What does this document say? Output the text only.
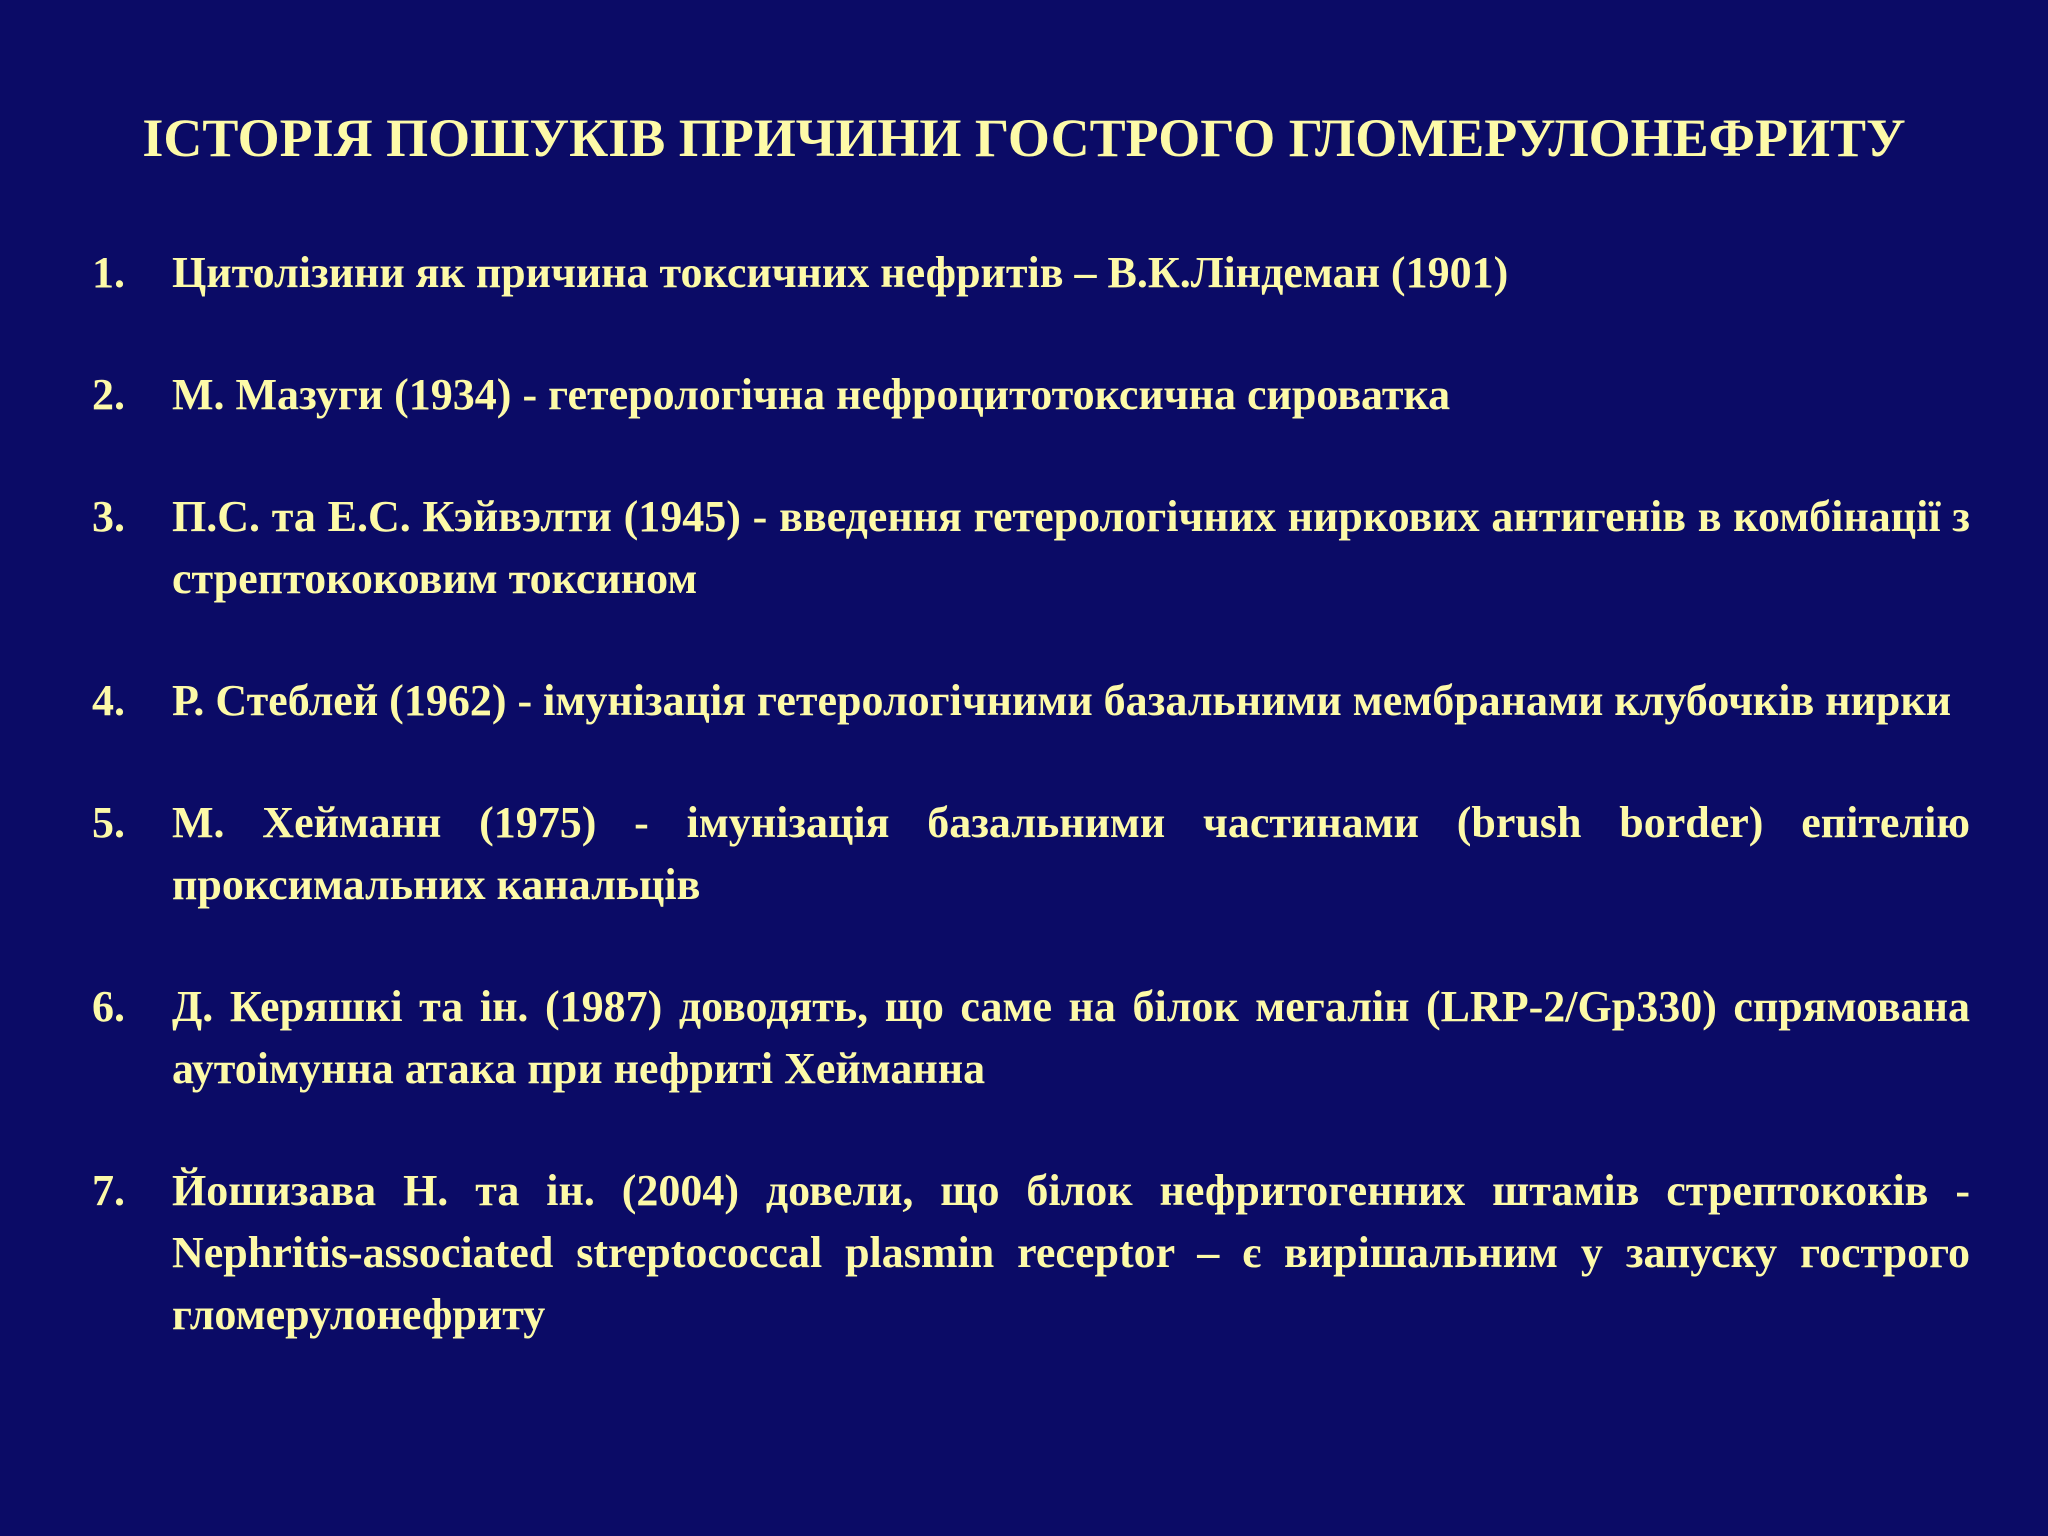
ІСТОРІЯ ПОШУКІВ ПРИЧИНИ ГОСТРОГО ГЛОМЕРУЛОНЕФРИТУ
1.	Цитолізини як причина токсичних нефритів – В.К.Ліндеман (1901)
2.	М. Мазуги (1934) - гетерологічна нефроцитотоксична сироватка
3.	П.С. та Е.С. Кэйвэлти (1945) - введення гетерологічних ниркових антигенів в комбінації з стрептококовим токсином
4.	Р. Стеблей (1962) - імунізація гетерологічними базальними мембранами клубочків нирки
5.	М. Хейманн (1975) - імунізація базальними частинами (brush border) епітелію проксимальних канальців
6.	Д. Керяшкі та ін. (1987) доводять, що саме на білок мегалін (LRP-2/Gp330) спрямована аутоімунна атака при нефриті Хейманна
7.	Йошизава Н. та ін. (2004) довели, що білок нефритогенних штамів стрептококів - Nephritis-associated streptococcal plasmin receptor – є вирішальним у запуску гострого гломерулонефриту
